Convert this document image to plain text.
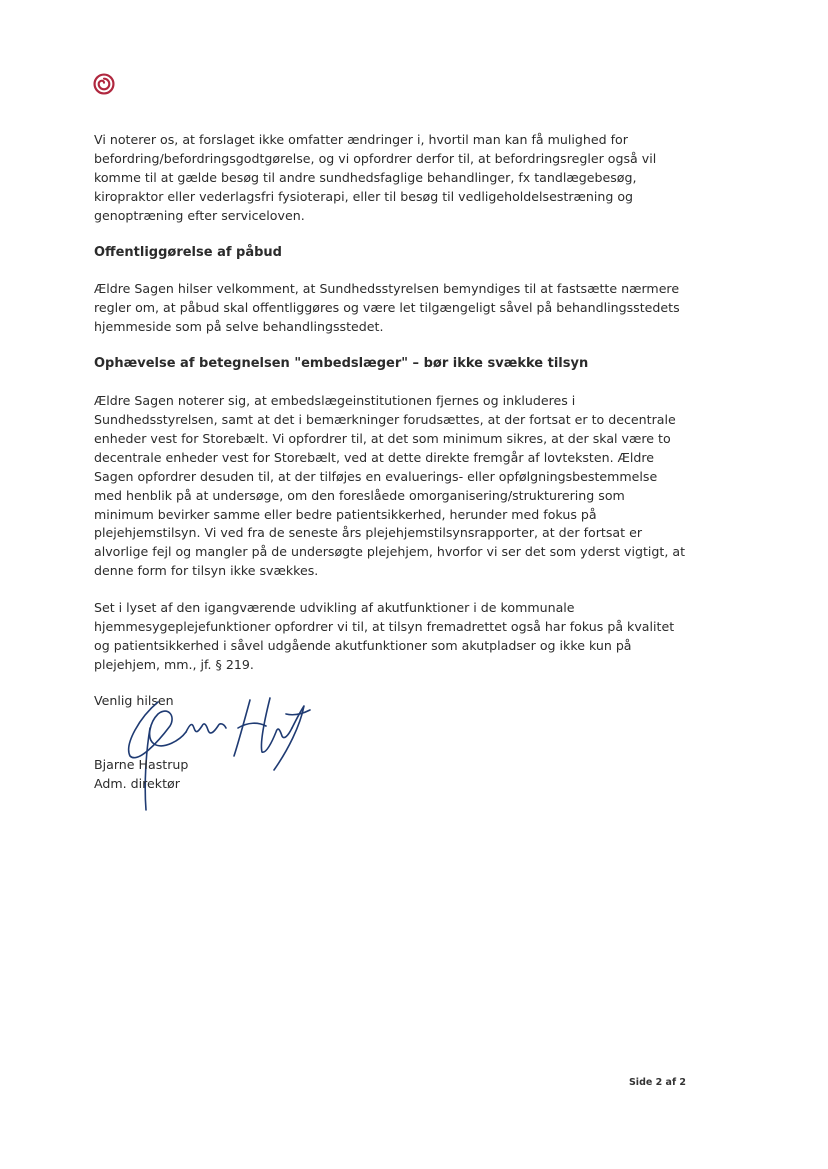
Vi noterer os, at forslaget ikke omfatter ændringer i, hvortil man kan få mulighed for befordring/befordringsgodtgørelse, og vi opfordrer derfor til, at befordringsregler også vil komme til at gælde besøg til andre sundhedsfaglige behandlinger, fx tandlægebesøg, kiropraktor eller vederlagsfri fysioterapi, eller til besøg til vedligeholdelsestræning og genoptræning efter serviceloven.

Offentliggørelse af påbud

Ældre Sagen hilser velkomment, at Sundhedsstyrelsen bemyndiges til at fastsætte nærmere regler om, at påbud skal offentliggøres og være let tilgængeligt såvel på behandlingsstedets hjemmeside som på selve behandlingsstedet.

Ophævelse af betegnelsen "embedslæger" – bør ikke svække tilsyn

Ældre Sagen noterer sig, at embedslægeinstitutionen fjernes og inkluderes i Sundhedsstyrelsen, samt at det i bemærkninger forudsættes, at der fortsat er to decentrale enheder vest for Storebælt. Vi opfordrer til, at det som minimum sikres, at der skal være to decentrale enheder vest for Storebælt, ved at dette direkte fremgår af lovteksten. Ældre Sagen opfordrer desuden til, at der tilføjes en evaluerings- eller opfølgningsbestemmelse med henblik på at undersøge, om den foreslåede omorganisering/strukturering som minimum bevirker samme eller bedre patientsikkerhed, herunder med fokus på plejehjemstilsyn. Vi ved fra de seneste års plejehjemstilsynsrapporter, at der fortsat er alvorlige fejl og mangler på de undersøgte plejehjem, hvorfor vi ser det som yderst vigtigt, at denne form for tilsyn ikke svækkes.

Set i lyset af den igangværende udvikling af akutfunktioner i de kommunale hjemmesygeplejefunktioner opfordrer vi til, at tilsyn fremadrettet også har fokus på kvalitet og patientsikkerhed i såvel udgående akutfunktioner som akutpladser og ikke kun på plejehjem, mm., jf. § 219.

Venlig hilsen
Bjarne Hastrup
Adm. direktør
Side 2 af 2
